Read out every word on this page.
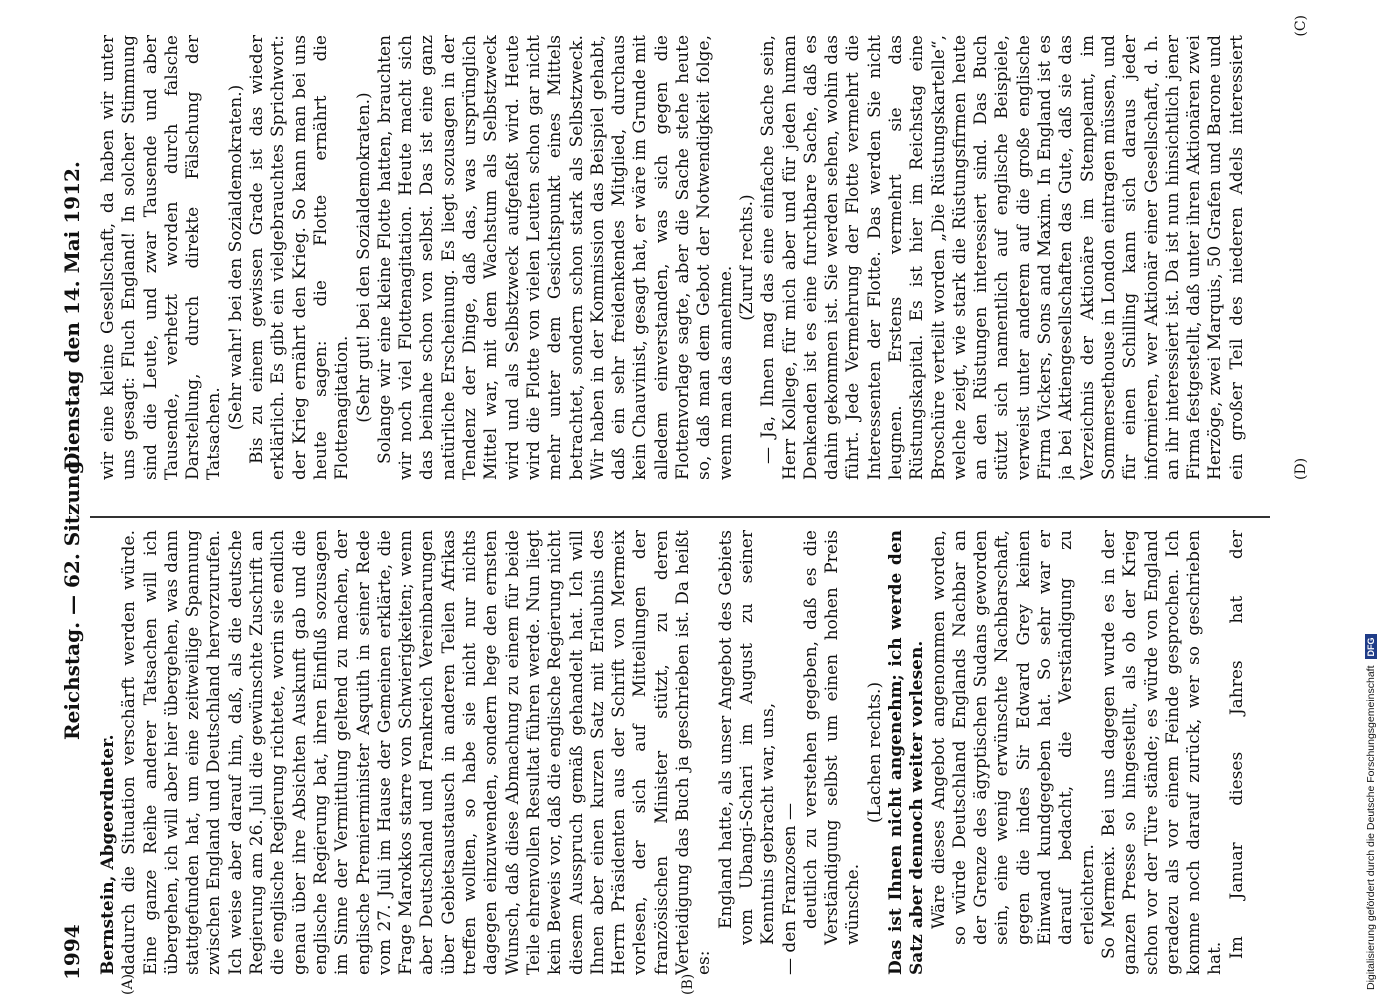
1994
Reichstag. — 62. Sitzung.
Dienstag den 14. Mai 1912.
(A)	(B)

Bernstein, Abgeordneter. dadurch die Situation verschärft werden würde. Eine ganze Reihe anderer Tatsachen will ich übergehen, ich will aber hier übergehen, was dann stattgefunden hat, um eine zeitweilige Spannung zwischen England und Deutschland hervorzurufen. Ich weise aber darauf hin, daß, als die deutsche Regierung am 26. Juli die gewünschte Zuschrift an die englische Regierung richtete, worin sie endlich genau über ihre Absichten Auskunft gab und die englische Regierung bat, ihren Einfluß sozusagen im Sinne der Vermittlung geltend zu machen, der englische Premierminister Asquith in seiner Rede vom 27. Juli im Hause der Gemeinen erklärte, die Frage Marokkos starre von Schwierigkeiten; wenn aber Deutschland und Frankreich Vereinbarungen über Gebietsaustausch in anderen Teilen Afrikas treffen wollten, so habe sie nicht nur nichts dagegen einzuwenden, sondern hege den ernsten Wunsch, daß diese Abmachung zu einem für beide Teile ehrenvollen Resultat führen werde. Nun liegt kein Beweis vor, daß die englische Regierung nicht diesem Ausspruch gemäß gehandelt hat. Ich will Ihnen aber einen kurzen Satz mit Erlaubnis des Herrn Präsidenten aus der Schrift von Mermeix vorlesen, der sich auf Mitteilungen der französischen Minister stützt, zu deren Verteidigung das Buch ja geschrieben ist. Da heißt es:

England hatte, als unser Angebot des Gebiets vom Ubangi-Schari im August zu seiner Kenntnis gebracht war, uns, — den Franzosen — deutlich zu verstehen gegeben, daß es die Verständigung selbst um einen hohen Preis wünsche.

(Lachen rechts.) Das ist Ihnen nicht angenehm; ich werde den Satz aber dennoch weiter vorlesen. Wäre dieses Angebot angenommen worden, so würde Deutschland Englands Nachbar an der Grenze des ägyptischen Sudans geworden sein, eine wenig erwünschte Nachbarschaft, gegen die indes Sir Edward Grey keinen Einwand kundgegeben hat. So sehr war er darauf bedacht, die Verständigung zu erleichtern. So Mermeix. Bei uns dagegen wurde es in der ganzen Presse so hingestellt, als ob der Krieg schon vor der Türe stände; es würde von England geradezu als vor einem Feinde gesprochen. Ich komme noch darauf zurück, wer so geschrieben hat. Im Januar dieses Jahres hat der

wir eine kleine Gesellschaft, da haben wir unter uns gesagt: Fluch England! In solcher Stimmung sind die Leute, und zwar Tausende und aber Tausende, verhetzt worden durch falsche Darstellung, durch direkte Fälschung der Tatsachen.

(Sehr wahr! bei den Sozialdemokraten.) Bis zu einem gewissen Grade ist das wieder erklärlich. Es gibt ein vielgebrauchtes Sprichwort: der Krieg ernährt den Krieg. So kann man bei uns heute sagen: die Flotte ernährt die Flottenagitation. (Sehr gut! bei den Sozialdemokraten.) Solange wir eine kleine Flotte hatten, brauchten wir noch viel Flottenagitation. Heute macht sich das beinahe schon von selbst. Das ist eine ganz natürliche Erscheinung. Es liegt sozusagen in der Tendenz der Dinge, daß das, was ursprünglich Mittel war, mit dem Wachstum als Selbstzweck wird und als Selbstzweck aufgefaßt wird. Heute wird die Flotte von vielen Leuten schon gar nicht mehr unter dem Gesichtspunkt eines Mittels betrachtet, sondern schon stark als Selbstzweck. Wir haben in der Kommission das Beispiel gehabt, daß ein sehr freidenkendes Mitglied, durchaus kein Chauvinist, gesagt hat, er wäre im Grunde mit alledem einverstanden, was sich gegen die Flottenvorlage sagte, aber die Sache stehe heute so, daß man dem Gebot der Notwendigkeit folge, wenn man das annehme.

(Zuruf rechts.)

— Ja, Ihnen mag das eine einfache Sache sein, Herr Kollege, für mich aber und für jeden human Denkenden ist es eine furchtbare Sache, daß es dahin gekommen ist. Sie werden sehen, wohin das führt. Jede Vermehrung der Flotte vermehrt die Interessenten der Flotte. Das werden Sie nicht leugnen. Erstens vermehrt sie das Rüstungskapital. Es ist hier im Reichstag eine Broschüre verteilt worden „Die Rüstungskartelle“, welche zeigt, wie stark die Rüstungsfirmen heute an den Rüstungen interessiert sind. Das Buch stützt sich namentlich auf englische Beispiele, verweist unter anderem auf die große englische Firma Vickers, Sons and Maxim. In England ist es ja bei Aktiengesellschaften das Gute, daß sie das Verzeichnis der Aktionäre im Stempelamt, im Sommersethouse in London eintragen müssen, und für einen Schilling kann sich daraus jeder informieren, wer Aktionär einer Gesellschaft, d. h. an ihr interessiert ist. Da ist nun hinsichtlich jener Firma festgestellt, daß unter ihren Aktionären zwei Herzöge, zwei Marquis, 50 Grafen und Barone und ein großer Teil des niederen Adels interessiert

(C)
(D)
Digitalisierung gefördert durch die Deutsche Forschungsgemeinschaft
DFG
